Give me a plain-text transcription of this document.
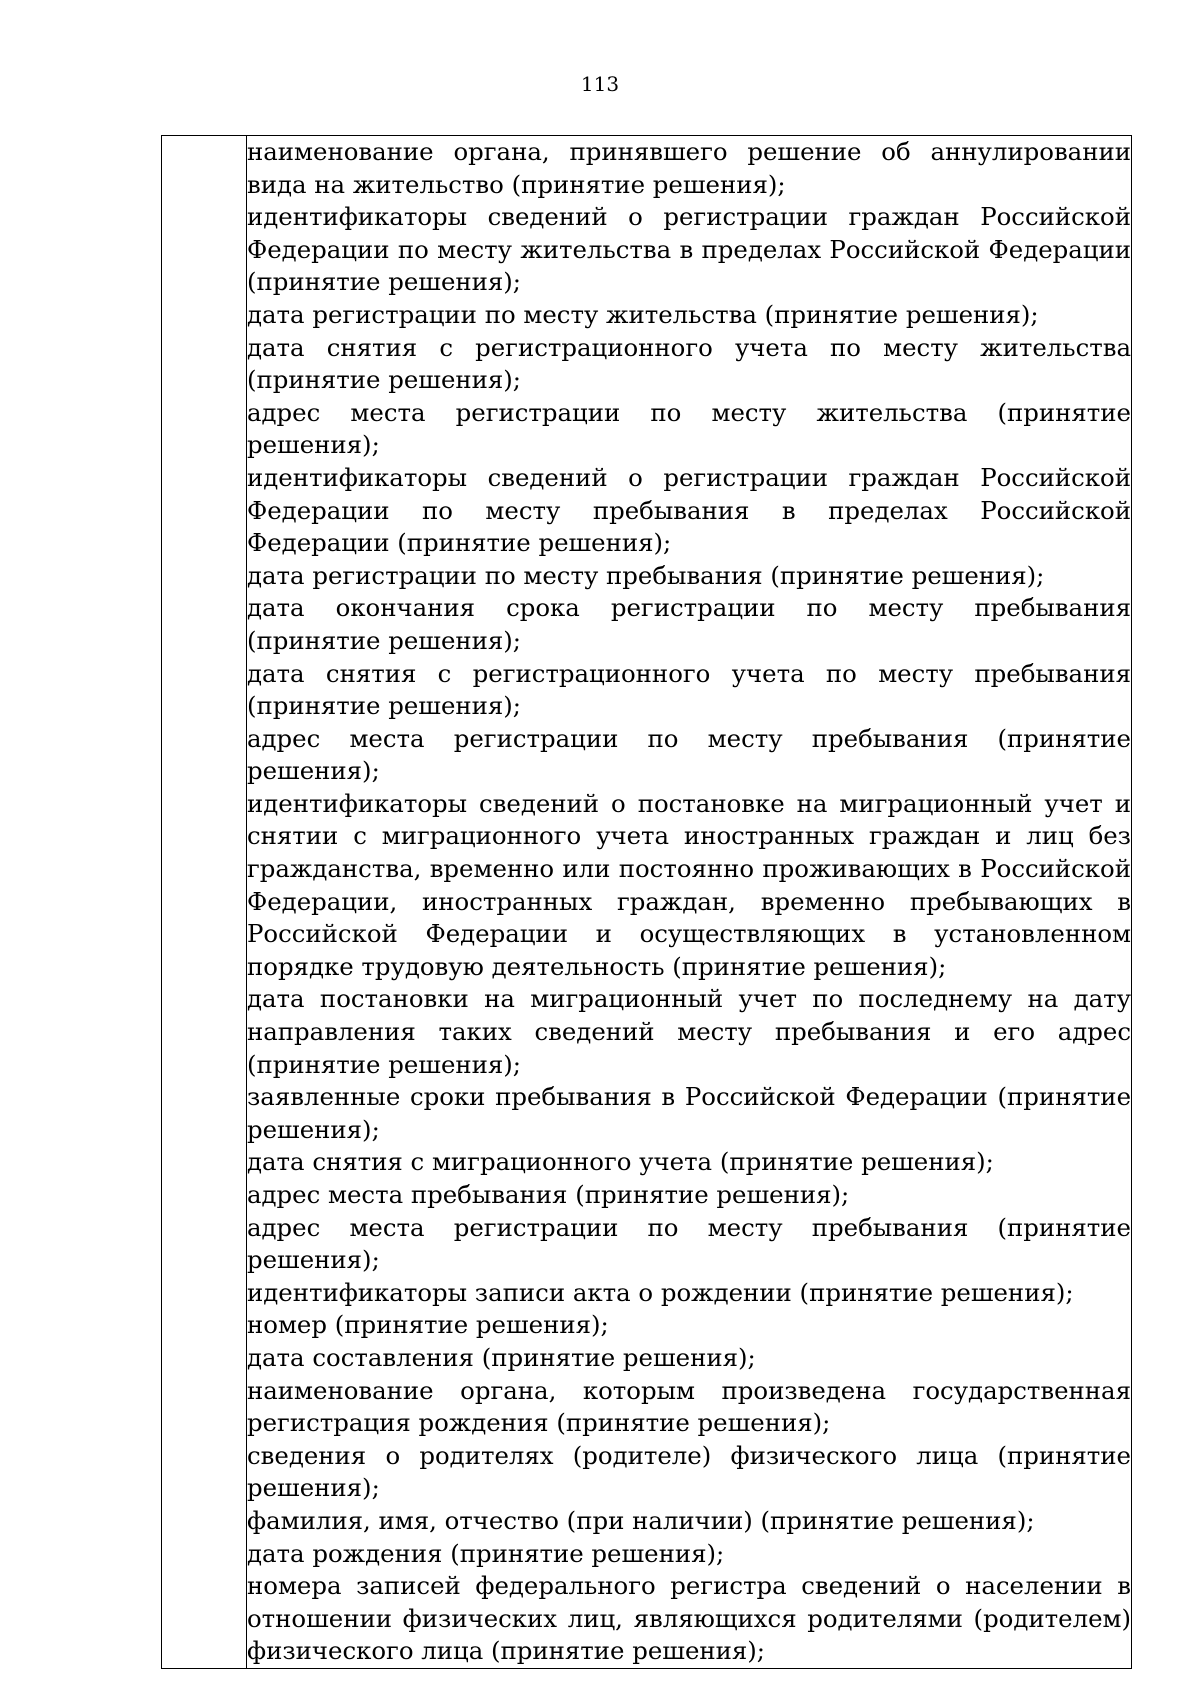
113

наименование органа, принявшего решение об аннулировании вида на жительство (принятие решения);
идентификаторы сведений о регистрации граждан Российской Федерации по месту жительства в пределах Российской Федерации (принятие решения);
дата регистрации по месту жительства (принятие решения);
дата снятия с регистрационного учета по месту жительства (принятие решения);
адрес места регистрации по месту жительства (принятие решения);
идентификаторы сведений о регистрации граждан Российской Федерации по месту пребывания в пределах Российской Федерации (принятие решения);
дата регистрации по месту пребывания (принятие решения);
дата окончания срока регистрации по месту пребывания (принятие решения);
дата снятия с регистрационного учета по месту пребывания (принятие решения);
адрес места регистрации по месту пребывания (принятие решения);
идентификаторы сведений о постановке на миграционный учет и снятии с миграционного учета иностранных граждан и лиц без гражданства, временно или постоянно проживающих в Российской Федерации, иностранных граждан, временно пребывающих в Российской Федерации и осуществляющих в установленном порядке трудовую деятельность (принятие решения);
дата постановки на миграционный учет по последнему на дату направления таких сведений месту пребывания и его адрес (принятие решения);
заявленные сроки пребывания в Российской Федерации (принятие решения);
дата снятия с миграционного учета (принятие решения);
адрес места пребывания (принятие решения);
адрес места регистрации по месту пребывания (принятие решения);
идентификаторы записи акта о рождении (принятие решения);
номер (принятие решения);
дата составления (принятие решения);
наименование органа, которым произведена государственная регистрация рождения (принятие решения);
сведения о родителях (родителе) физического лица (принятие решения);
фамилия, имя, отчество (при наличии) (принятие решения);
дата рождения (принятие решения);
номера записей федерального регистра сведений о населении в отношении физических лиц, являющихся родителями (родителем) физического лица (принятие решения);
